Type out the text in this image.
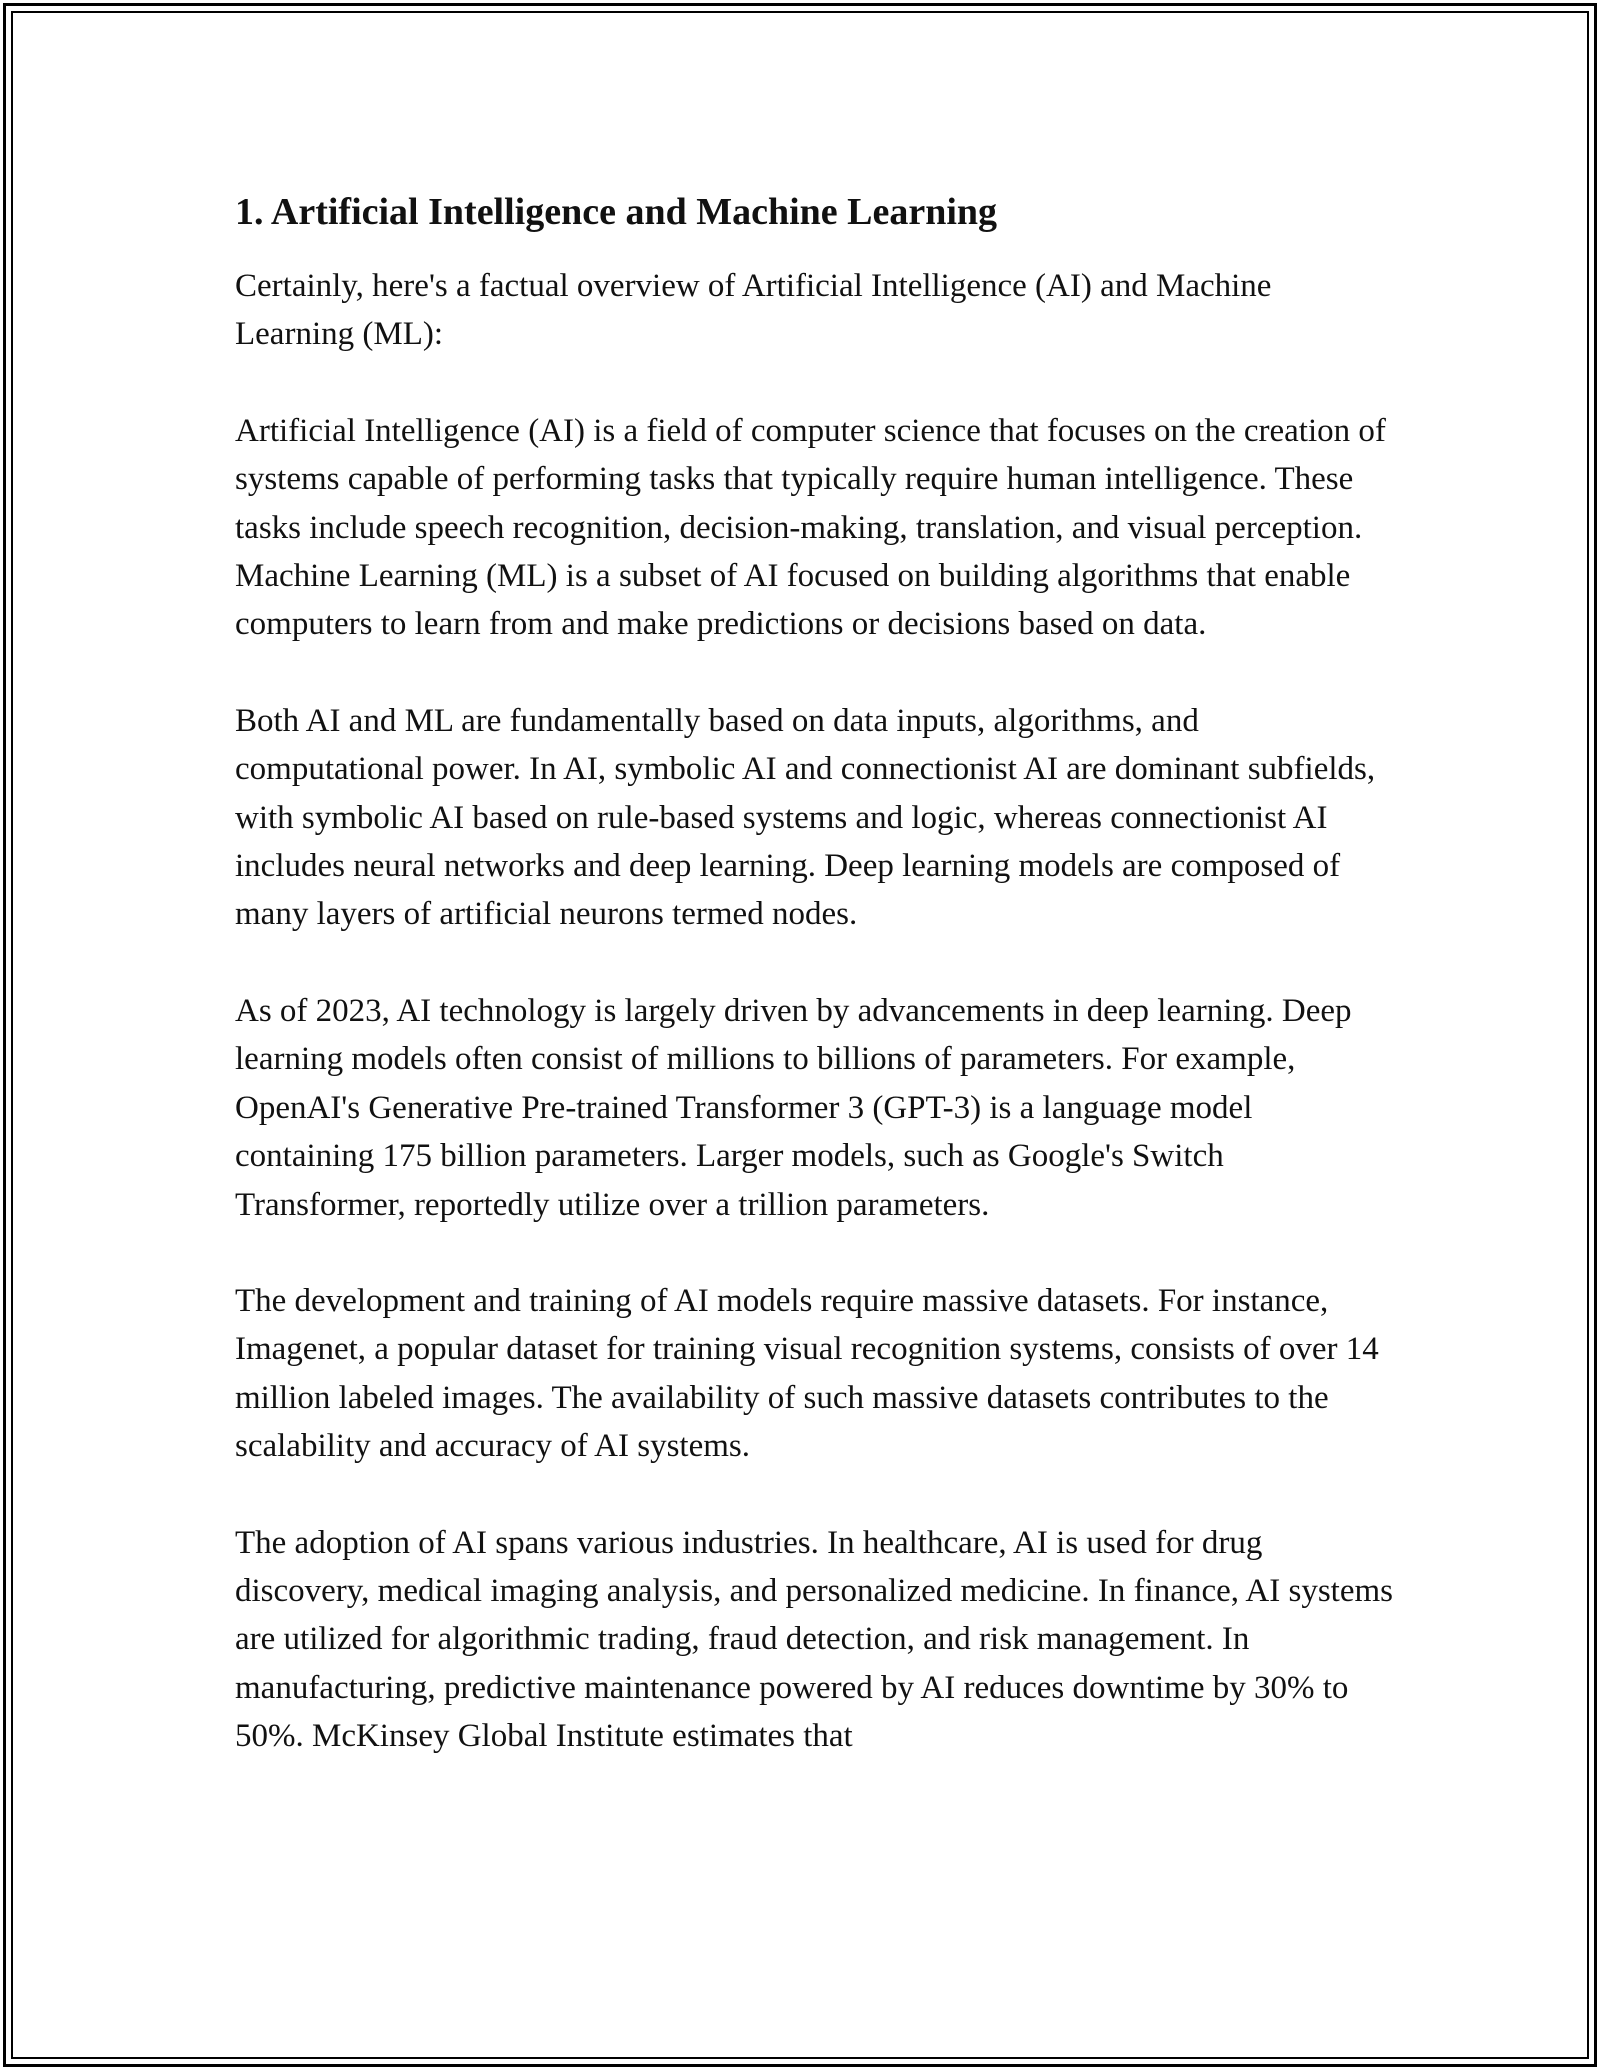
1. Artificial Intelligence and Machine Learning

Certainly, here's a factual overview of Artificial Intelligence (AI) and Machine Learning (ML):

Artificial Intelligence (AI) is a field of computer science that focuses on the creation of systems capable of performing tasks that typically require human intelligence. These tasks include speech recognition, decision-making, translation, and visual perception. Machine Learning (ML) is a subset of AI focused on building algorithms that enable computers to learn from and make predictions or decisions based on data.

Both AI and ML are fundamentally based on data inputs, algorithms, and computational power. In AI, symbolic AI and connectionist AI are dominant subfields, with symbolic AI based on rule-based systems and logic, whereas connectionist AI includes neural networks and deep learning. Deep learning models are composed of many layers of artificial neurons termed nodes.

As of 2023, AI technology is largely driven by advancements in deep learning. Deep learning models often consist of millions to billions of parameters. For example, OpenAI's Generative Pre-trained Transformer 3 (GPT-3) is a language model containing 175 billion parameters. Larger models, such as Google's Switch Transformer, reportedly utilize over a trillion parameters.

The development and training of AI models require massive datasets. For instance, Imagenet, a popular dataset for training visual recognition systems, consists of over 14 million labeled images. The availability of such massive datasets contributes to the scalability and accuracy of AI systems.

The adoption of AI spans various industries. In healthcare, AI is used for drug discovery, medical imaging analysis, and personalized medicine. In finance, AI systems are utilized for algorithmic trading, fraud detection, and risk management. In manufacturing, predictive maintenance powered by AI reduces downtime by 30% to 50%. McKinsey Global Institute estimates that
